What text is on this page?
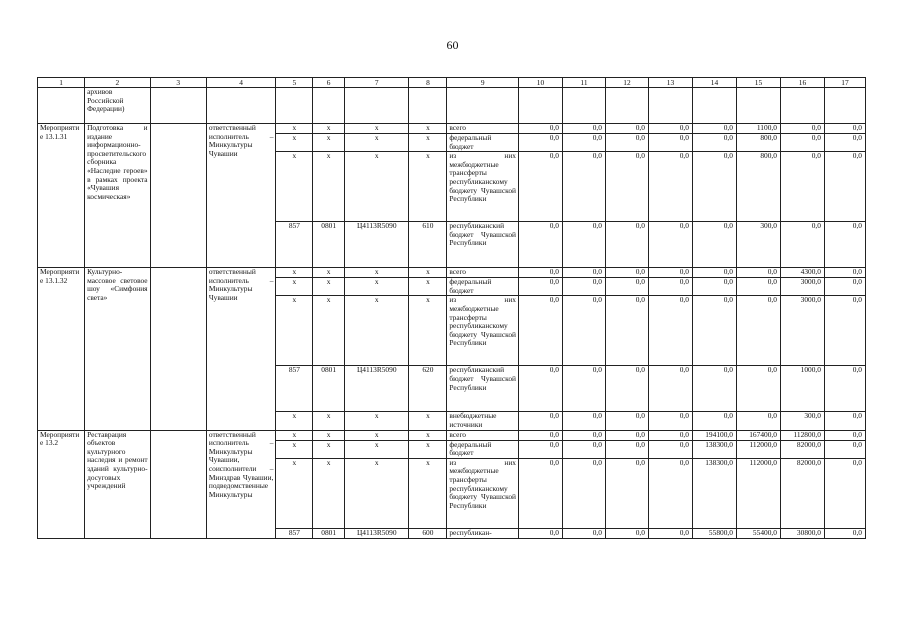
60
1	2	3	4	5	6	7	8	9	10	11	12	13	14	15	16	17
	архивов Российской Федерации)															
Мероприятие 13.1.31	Подготовка и издание информационно-просветительского сборника «Наследие героев» в рамках проекта «Чувашия космическая»		ответственный исполнитель – Минкультуры Чувашии	x	x	x	x	всего	0,0	0,0	0,0	0,0	0,0	1100,0	0,0	0,0
				x	x	x	x	федеральный бюджет	0,0	0,0	0,0	0,0	0,0	800,0	0,0	0,0
				x	x	x	x	из них межбюджетные трансферты республиканскому бюджету Чувашской Республики	0,0	0,0	0,0	0,0	0,0	800,0	0,0	0,0
				857	0801	Ц4113R5090	610	республиканский бюджет Чувашской Республики	0,0	0,0	0,0	0,0	0,0	300,0	0,0	0,0
Мероприятие 13.1.32	Культурно-массовое световое шоу «Симфония света»		ответственный исполнитель – Минкультуры Чувашии	x	x	x	x	всего	0,0	0,0	0,0	0,0	0,0	0,0	4300,0	0,0
				x	x	x	x	федеральный бюджет	0,0	0,0	0,0	0,0	0,0	0,0	3000,0	0,0
				x	x	x	x	из них межбюджетные трансферты республиканскому бюджету Чувашской Республики	0,0	0,0	0,0	0,0	0,0	0,0	3000,0	0,0
				857	0801	Ц4113R5090	620	республиканский бюджет Чувашской Республики	0,0	0,0	0,0	0,0	0,0	0,0	1000,0	0,0
				x	x	x	x	внебюджетные источники	0,0	0,0	0,0	0,0	0,0	0,0	300,0	0,0
Мероприятие 13.2	Реставрация объектов культурного наследия и ремонт зданий культурно-досуговых учреждений		ответственный исполнитель – Минкультуры Чувашии, соисполнители – Минздрав Чувашии, подведомственные Минкультуры	x	x	x	x	всего	0,0	0,0	0,0	0,0	194100,0	167400,0	112800,0	0,0
				x	x	x	x	федеральный бюджет	0,0	0,0	0,0	0,0	138300,0	112000,0	82000,0	0,0
				x	x	x	x	из них межбюджетные трансферты республиканскому бюджету Чувашской Республики	0,0	0,0	0,0	0,0	138300,0	112000,0	82000,0	0,0
				857	0801	Ц4113R5090	600	республикан-	0,0	0,0	0,0	0,0	55800,0	55400,0	30800,0	0,0
